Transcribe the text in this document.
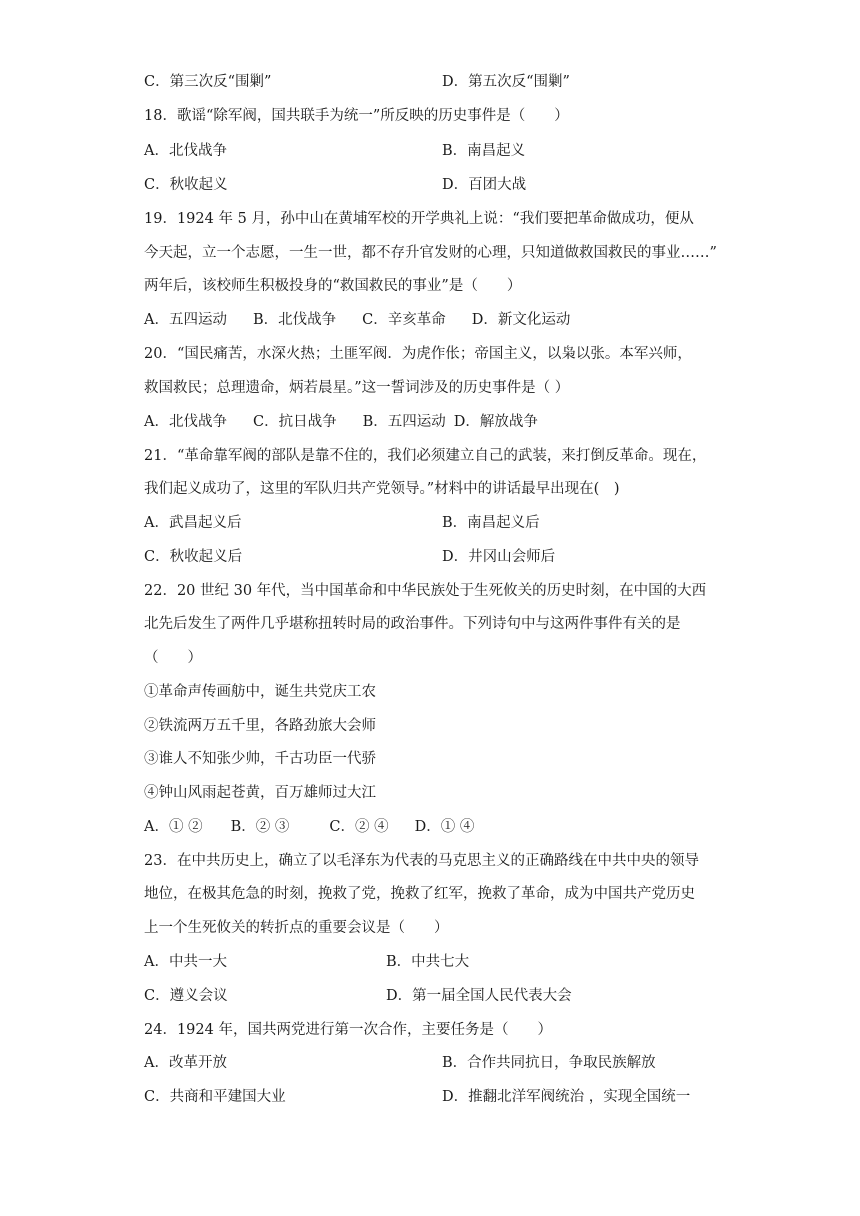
C．第三次反“围剿”	D．第五次反“围剿”
18．歌谣“除军阀，国共联手为统一”所反映的历史事件是（　　）
A．北伐战争	B．南昌起义
C．秋收起义	D．百团大战
19．1924 年 5 月，孙中山在黄埔军校的开学典礼上说：“我们要把革命做成功，便从
今天起，立一个志愿，一生一世，都不存升官发财的心理，只知道做救国救民的事业……”
两年后，该校师生积极投身的“救国救民的事业”是（　　）
A．五四运动 B．北伐战争 C．辛亥革命 D．新文化运动
20．“国民痛苦，水深火热；土匪军阀．为虎作伥；帝国主义，以枭以张。本军兴师，
救国救民；总理遗命，炳若晨星。”这一誓词涉及的历史事件是（ ）
A．北伐战争 C．抗日战争 B．五四运动 D．解放战争
21．“革命靠军阀的部队是靠不住的，我们必须建立自己的武装，来打倒反革命。现在，
我们起义成功了，这里的军队归共产党领导。”材料中的讲话最早出现在(　)
A．武昌起义后	B．南昌起义后
C．秋收起义后	D．井冈山会师后
22．20 世纪 30 年代，当中国革命和中华民族处于生死攸关的历史时刻，在中国的大西
北先后发生了两件几乎堪称扭转时局的政治事件。下列诗句中与这两件事件有关的是
（　　）
①革命声传画舫中，诞生共党庆工农
②铁流两万五千里，各路劲旅大会师
③谁人不知张少帅，千古功臣一代骄
④钟山风雨起苍黄，百万雄师过大江
A．① ② B．② ③	C．② ④ D．① ④
23．在中共历史上，确立了以毛泽东为代表的马克思主义的正确路线在中共中央的领导
地位，在极其危急的时刻，挽救了党，挽救了红军，挽救了革命，成为中国共产党历史
上一个生死攸关的转折点的重要会议是（　　）
A．中共一大	B．中共七大
C．遵义会议	D．第一届全国人民代表大会
24．1924 年，国共两党进行第一次合作，主要任务是（　　）
A．改革开放	B．合作共同抗日，争取民族解放
C．共商和平建国大业	D．推翻北洋军阀统治 ，实现全国统一
